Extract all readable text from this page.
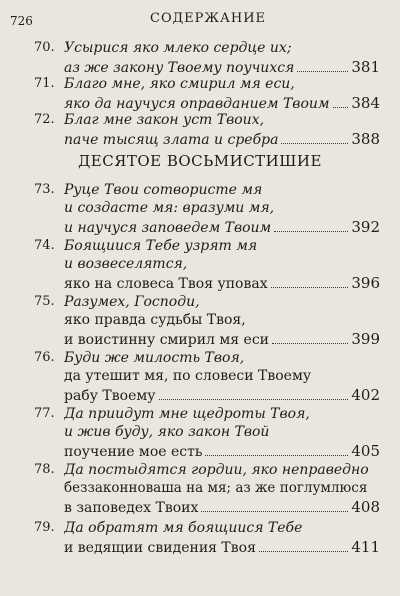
726	СОДЕРЖАНИЕ
70. Усырися яко млеко сердце их;
аз же закону Твоему поучихся	381
71. Благо мне, яко смирил мя еси,
яко да научуся оправданием Твоим 384
72. Благ мне закон уст Твоих,
паче тысящ злата и сребра	388
ДЕСЯТОЕ ВОСЬМИСТИШИЕ
73. Руце Твои сотвористе мя
и создасте мя: вразуми мя,
и научуся заповедем Твоим	392
74. Боящиися Тебе узрят мя
и возвеселятся,
яко на словеса Твоя уповах	396
75. Разумех, Господи,
яко правда судьбы Твоя,
и воистинну смирил мя еси	399
76. Буди же милость Твоя,
да утешит мя, по словеси Твоему
рабу Твоему	402
77. Да приидут мне щедроты Твоя,
и жив буду, яко закон Твой
поучение мое есть	405
78. Да постыдятся гордии, яко неправедно
беззаконноваша на мя; аз же поглумлюся
в заповедех Твоих	408
79. Да обратят мя боящиися Тебе
и ведящии свидения Твоя	411
